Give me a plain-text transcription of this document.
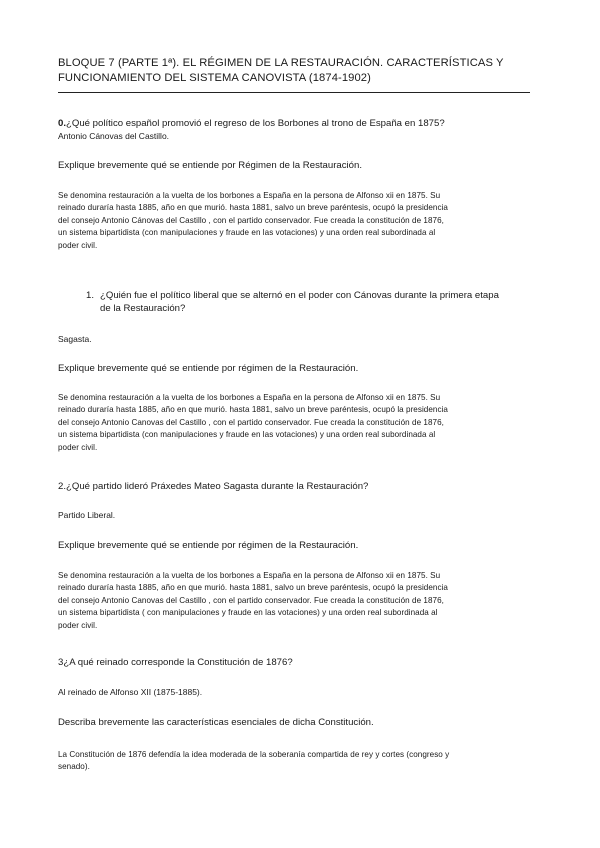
BLOQUE 7 (PARTE 1ª). EL RÉGIMEN DE LA RESTAURACIÓN. CARACTERÍSTICAS Y

FUNCIONAMIENTO DEL SISTEMA CANOVISTA (1874-1902)

0.¿Qué político español promovió el regreso de los Borbones al trono de España en 1875?

Antonio Cánovas del Castillo.

Explique brevemente qué se entiende por Régimen de la Restauración.

Se denomina restauración a la vuelta de los borbones a España en la persona de Alfonso xii en 1875. Su

reinado duraría hasta 1885, año en que murió. hasta 1881, salvo un breve paréntesis, ocupó la presidencia

del consejo Antonio Cánovas del Castillo , con el partido conservador. Fue creada la constitución de 1876,

un sistema bipartidista (con manipulaciones y fraude en las votaciones) y una orden real subordinada al

poder civil.

1. ¿Quién fue el político liberal que se alternó en el poder con Cánovas durante la primera etapa
de la Restauración?

Sagasta.

Explique brevemente qué se entiende por régimen de la Restauración.

Se denomina restauración a la vuelta de los borbones a España en la persona de Alfonso xii en 1875. Su

reinado duraría hasta 1885, año en que murió. hasta 1881, salvo un breve paréntesis, ocupó la presidencia

del consejo Antonio Canovas del Castillo , con el partido conservador. Fue creada la constitución de 1876,

un sistema bipartidista (con manipulaciones y fraude en las votaciones) y una orden real subordinada al

poder civil.

2.¿Qué partido lideró Práxedes Mateo Sagasta durante la Restauración?

Partido Liberal.

Explique brevemente qué se entiende por régimen de la Restauración.

Se denomina restauración a la vuelta de los borbones a España en la persona de Alfonso xii en 1875. Su

reinado duraría hasta 1885, año en que murió. hasta 1881, salvo un breve paréntesis, ocupó la presidencia

del consejo Antonio Canovas del Castillo , con el partido conservador. Fue creada la constitución de 1876,

un sistema bipartidista ( con manipulaciones y fraude en las votaciones) y una orden real subordinada al

poder civil.

3¿A qué reinado corresponde la Constitución de 1876?

Al reinado de Alfonso XII (1875-1885).

Describa brevemente las características esenciales de dicha Constitución.

La Constitución de 1876 defendía la idea moderada de la soberanía compartida de rey y cortes (congreso y

senado).
